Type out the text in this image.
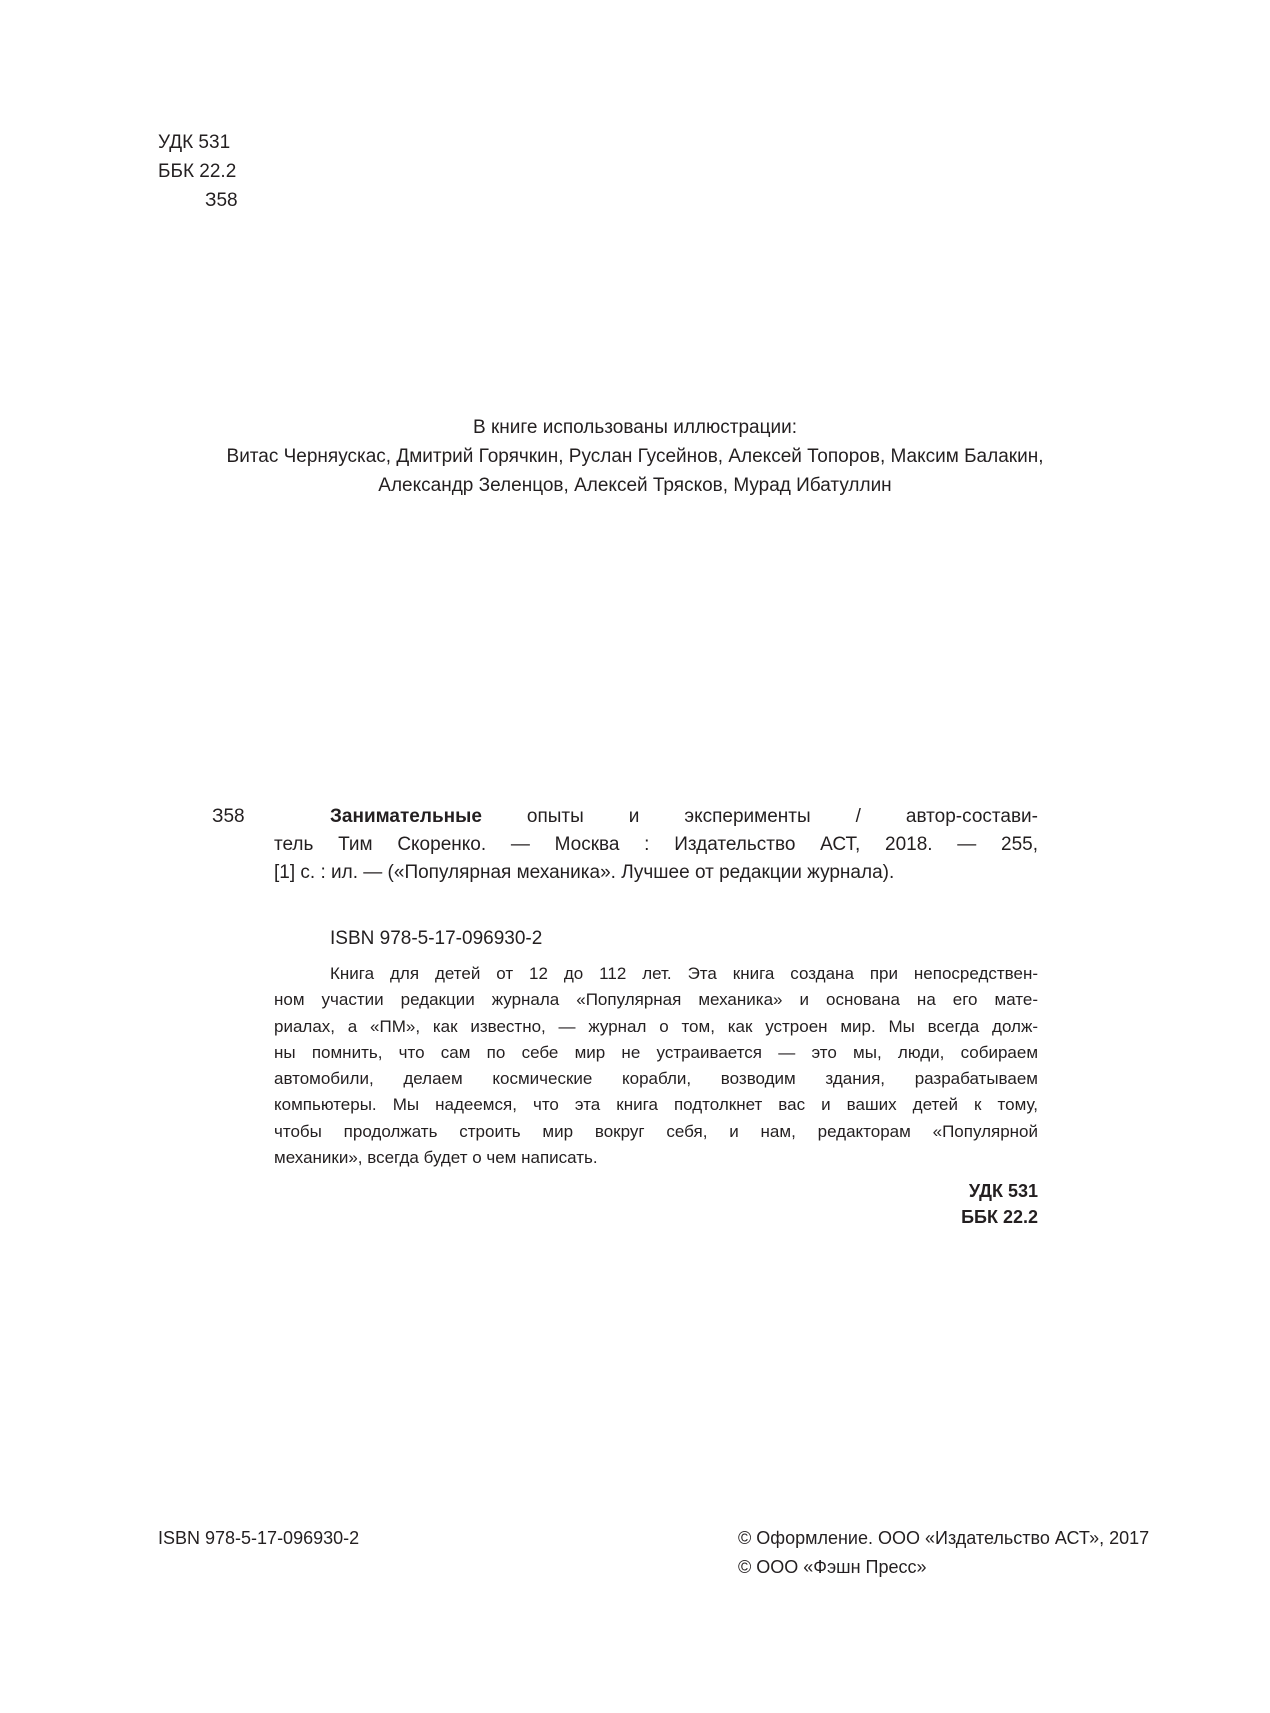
УДК 531
ББК 22.2
З58
В книге использованы иллюстрации:
Витас Черняускас, Дмитрий Горячкин, Руслан Гусейнов, Алексей Топоров, Максим Балакин,
Александр Зеленцов, Алексей Трясков, Мурад Ибатуллин
З58	Занимательные опыты и эксперименты / автор-состави-
тель Тим Скоренко. — Москва : Издательство АСТ, 2018. — 255,
[1] с. : ил. — («Популярная механика». Лучшее от редакции журнала).
ISBN 978-5-17-096930-2
Книга для детей от 12 до 112 лет. Эта книга создана при непосредствен-
ном участии редакции журнала «Популярная механика» и основана на его мате-
риалах, а «ПМ», как известно, — журнал о том, как устроен мир. Мы всегда долж-
ны помнить, что сам по себе мир не устраивается — это мы, люди, собираем
автомобили, делаем космические корабли, возводим здания, разрабатываем
компьютеры. Мы надеемся, что эта книга подтолкнет вас и ваших детей к тому,
чтобы продолжать строить мир вокруг себя, и нам, редакторам «Популярной
механики», всегда будет о чем написать.
УДК 531
ББК 22.2
ISBN 978-5-17-096930-2	© Оформление. ООО «Издательство АСТ», 2017
© ООО «Фэшн Пресс»
